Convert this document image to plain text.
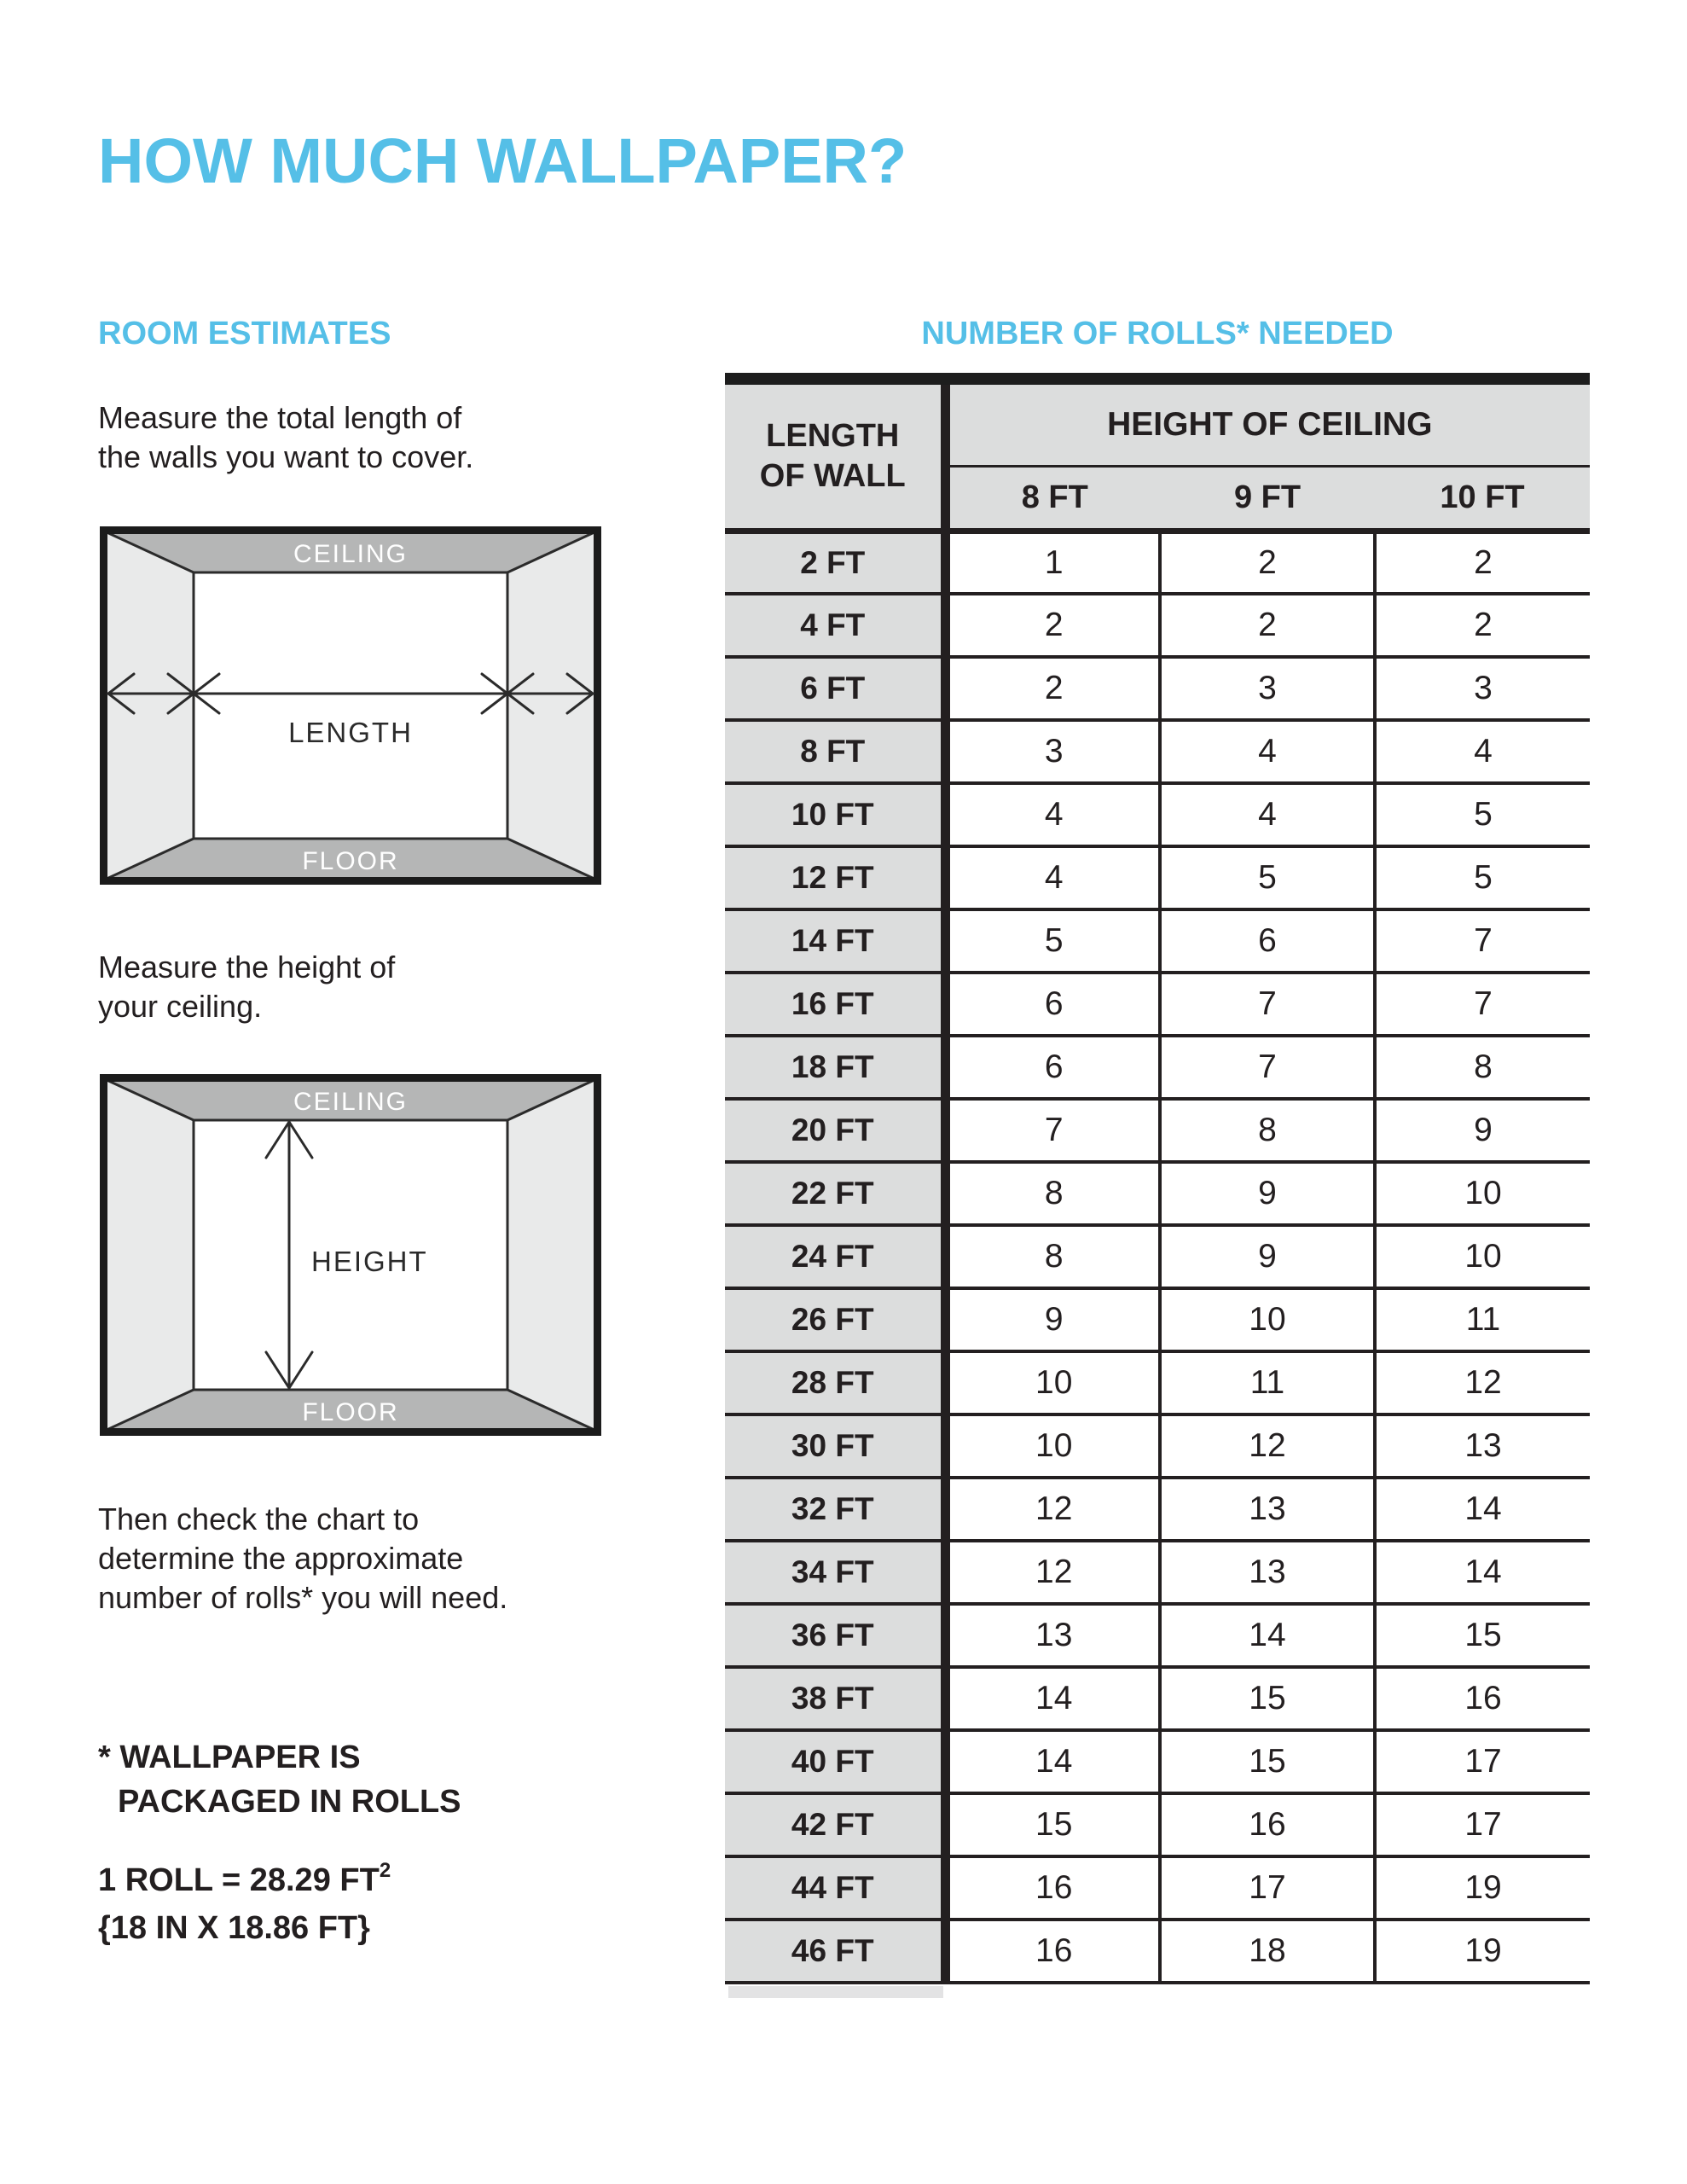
HOW MUCH WALLPAPER?
ROOM ESTIMATES	NUMBER OF ROLLS* NEEDED
Measure the total length of
the walls you want to cover.
CEILING
FLOOR
LENGTH
Measure the height of
your ceiling.
CEILING
FLOOR
HEIGHT
Then check the chart to
determine the approximate
number of rolls* you will need.
* WALLPAPER IS
PACKAGED IN ROLLS
1 ROLL = 28.29 $FT^2$
{18 IN X 18.86 FT}
LENGTH
OF WALL	HEIGHT OF CEILING		
	8 FT	9 FT	10 FT
2 FT	1	2	2
4 FT	2	2	2
6 FT	2	3	3
8 FT	3	4	4
10 FT	4	4	5
12 FT	4	5	5
14 FT	5	6	7
16 FT	6	7	7
18 FT	6	7	8
20 FT	7	8	9
22 FT	8	9	10
24 FT	8	9	10
26 FT	9	10	11
28 FT	10	11	12
30 FT	10	12	13
32 FT	12	13	14
34 FT	12	13	14
36 FT	13	14	15
38 FT	14	15	16
40 FT	14	15	17
42 FT	15	16	17
44 FT	16	17	19
46 FT	16	18	19
